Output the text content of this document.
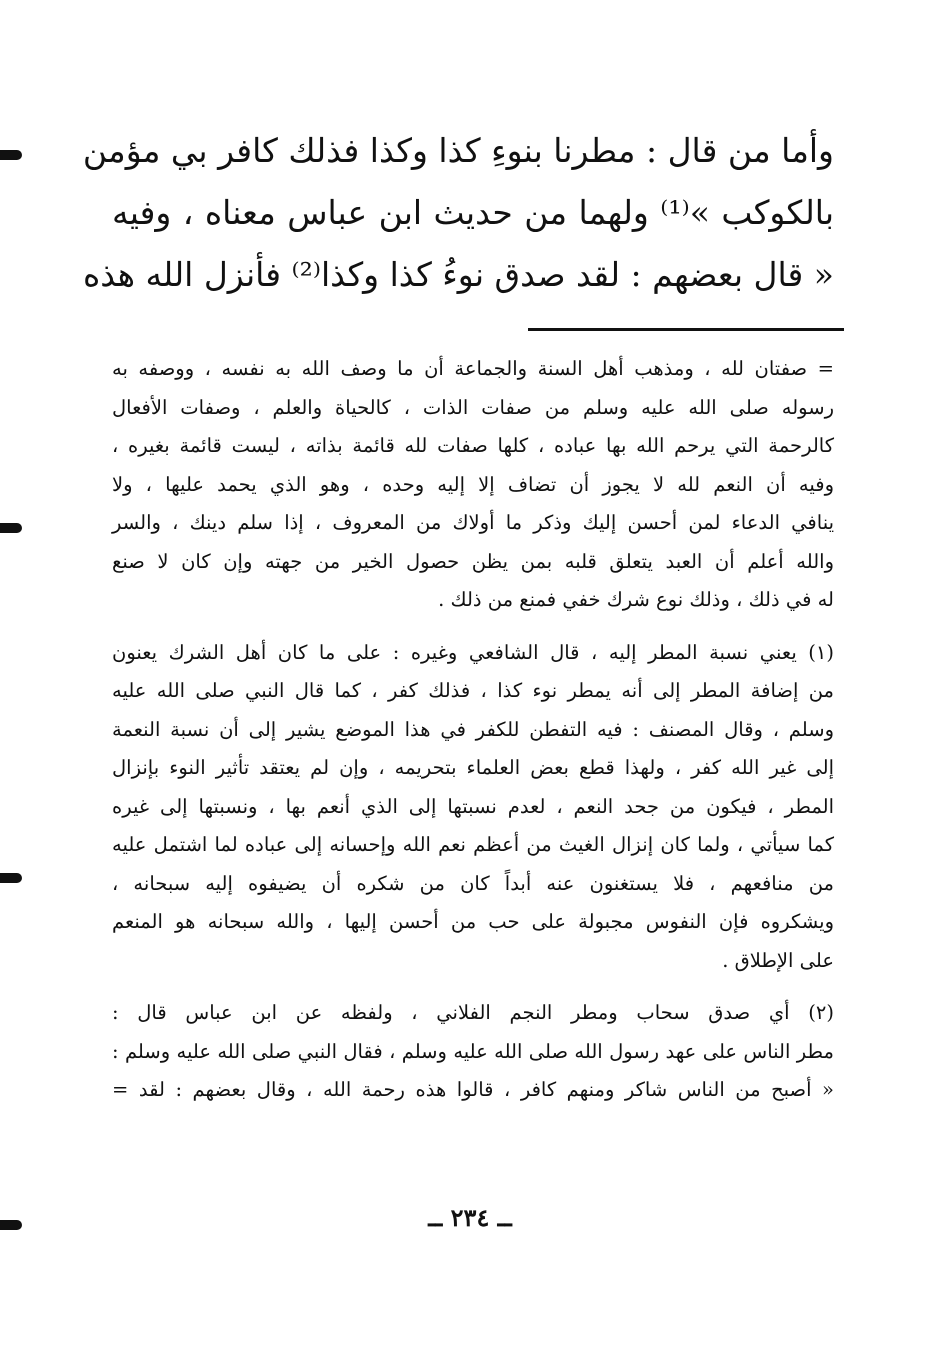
وأما من قال : مطرنا بنوءِ كذا وكذا فذلك كافر بي مؤمن
بالكوكب »⁽¹⁾ ولهما من حديث ابن عباس معناه ، وفيه
« قال بعضهم : لقد صدق نوءُ كذا وكذا⁽²⁾ فأنزل الله هذه
= صفتان لله ، ومذهب أهل السنة والجماعة أن ما وصف الله به نفسه ، ووصفه به
رسوله صلى الله عليه وسلم من صفات الذات ، كالحياة والعلم ، وصفات الأفعال
كالرحمة التي يرحم الله بها عباده ، كلها صفات لله قائمة بذاته ، ليست قائمة بغيره ،
وفيه أن النعم لله لا يجوز أن تضاف إلا إليه وحده ، وهو الذي يحمد عليها ، ولا
ينافي الدعاء لمن أحسن إليك وذكر ما أولاك من المعروف ، إذا سلم دينك ، والسر
والله أعلم أن العبد يتعلق قلبه بمن يظن حصول الخير من جهته وإن كان لا صنع
له في ذلك ، وذلك نوع شرك خفي فمنع من ذلك .
(١) يعني نسبة المطر إليه ، قال الشافعي وغيره : على ما كان أهل الشرك يعنون
من إضافة المطر إلى أنه يمطر نوء كذا ، فذلك كفر ، كما قال النبي صلى الله عليه
وسلم ، وقال المصنف : فيه التفطن للكفر في هذا الموضع يشير إلى أن نسبة النعمة
إلى غير الله كفر ، ولهذا قطع بعض العلماء بتحريمه ، وإن لم يعتقد تأثير النوء بإنزال
المطر ، فيكون من جحد النعم ، لعدم نسبتها إلى الذي أنعم بها ، ونسبتها إلى غيره
كما سيأتي ، ولما كان إنزال الغيث من أعظم نعم الله وإحسانه إلى عباده لما اشتمل عليه
من منافعهم ، فلا يستغنون عنه أبداً كان من شكره أن يضيفوه إليه سبحانه ،
ويشكروه فإن النفوس مجبولة على حب من أحسن إليها ، والله سبحانه هو المنعم
على الإطلاق .
(٢) أي صدق سحاب ومطر النجم الفلاني ، ولفظه عن ابن عباس قال :
مطر الناس على عهد رسول الله صلى الله عليه وسلم ، فقال النبي صلى الله عليه وسلم :
« أصبح من الناس شاكر ومنهم كافر ، قالوا هذه رحمة الله ، وقال بعضهم : لقد =
ــ ٢٣٤ ــ
